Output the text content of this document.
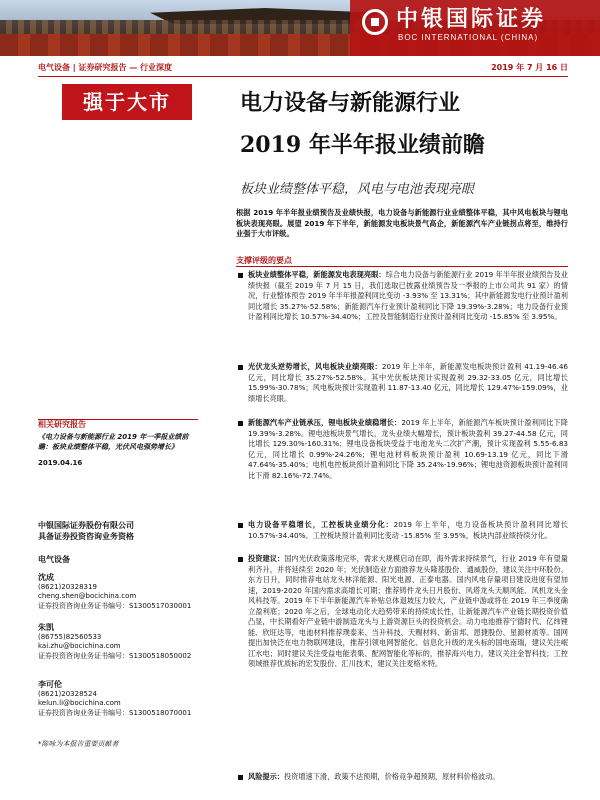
中银国际证券
BOC INTERNATIONAL (CHINA)
电气设备 | 证券研究报告 — 行业深度	2019 年 7 月 16 日
强于大市	电力设备与新能源行业
2019 年半年报业绩前瞻
板块业绩整体平稳，风电与电池表现亮眼
根据 2019 年半年报业绩预告及业绩快报，电力设备与新能源行业业绩整体平稳，其中风电板块与锂电板块表现亮眼。展望 2019 年下半年，新能源发电板块景气高企，新能源汽车产业链拐点将至，维持行业强于大市评级。
支撑评级的要点
板块业绩整体平稳，新能源发电表现亮眼：综合电力设备与新能源行业 2019 年半年报业绩预告及业绩快报（截至 2019 年 7 月 15 日，我们选取已披露业绩预告及一季报的上市公司共 91 家）的情况，行业整体预告 2019 年半年报盈利同比变动 -3.93% 至 13.31%；其中新能源发电行业预计盈利同比增长 35.27%-52.58%；新能源汽车行业预计盈利同比下降 19.39%-3.28%；电力设备行业预计盈利同比增长 10.57%-34.40%；工控及智能制造行业预计盈利同比变动 -15.85% 至 3.95%。
光伏龙头逆势增长，风电板块业绩亮眼：2019 年上半年，新能源发电板块预计盈利 41.19-46.46 亿元，同比增长 35.27%-52.58%。其中光伏板块预计实现盈利 29.32-33.05 亿元，同比增长 15.99%-30.78%；风电板块预计实现盈利 11.87-13.40 亿元，同比增长 129.47%-159.09%，业绩增长亮眼。
新能源汽车产业链承压，锂电板块业绩稳增长：2019 年上半年，新能源汽车板块预计盈利同比下降 19.39%-3.28%。锂电池板块景气增长，龙头业绩大幅增长，预计板块盈利 39.27-44.58 亿元，同比增长 129.30%-160.31%；锂电设备板块受益于电池龙头二次扩产潮，预计实现盈利 5.55-6.83 亿元，同比增长 0.99%-24.26%；锂电池材料板块预计盈利 10.69-13.19 亿元，同比下滑 47.64%-35.40%；电机电控板块预计盈利同比下降 35.24%-19.96%；锂电池资源板块预计盈利同比下滑 82.16%-72.74%。
电力设备平稳增长，工控板块业绩分化：2019 年上半年，电力设备板块预计盈利同比增长 10.57%-34.40%。工控板块预计盈利同比变动 -15.85% 至 3.95%，板块内部业绩持续分化。
投资建议：国内光伏政策落地完毕，需求大规模启动在即，海外需求持续景气，行业 2019 年有望量利齐升，并将延续至 2020 年；光伏制造业方面推荐龙头隆基股份、通威股份，建议关注中环股份、东方日升，同时推荐电站龙头林洋能源、阳光电源、正泰电器。国内风电存量项目建设进度有望加速，2019-2020 年国内需求高增长可期；推荐铸件龙头日月股份、风塔龙头天顺风能、风机龙头金风科技等。2019 年下半年新能源汽车补贴总体退坡压力较大，产业链中游或将在 2019 年三季度确立盈利底；2020 年之后，全球电动化大趋势带来的持续成长性，让新能源汽车产业链长期投资价值凸显，中长期看好产业链中游制造龙头与上游资源巨头的投资机会。动力电池推荐宁德时代、亿纬锂能、欣旺达等，电池材料推荐璞泰来、当升科技、天赐材料、新宙邦、恩捷股份、星源材质等。国网提出加快泛在电力物联网建设，推荐引领电网智能化、信息化升级的龙头标的国电南瑞，建议关注岷江水电；同时建议关注受益电能表集、配网智能化等标的，推荐海兴电力，建议关注金智科技；工控领域推荐优质标的宏发股份、汇川技术，建议关注麦格米特。
风险提示：投资增速下滑，政策不达预期，价格竞争超预期，原材料价格波动。
相关研究报告
《电力设备与新能源行业 2019 年一季报业绩前瞻：板块业绩整体平稳，光伏风电强势增长》
2019.04.16
中银国际证券股份有限公司
具备证券投资咨询业务资格
电气设备
沈成
(8621)20328319
cheng.shen@bocichina.com
证券投资咨询业务证书编号：S1300517030001
朱凯
(86755)82560533
kai.zhu@bocichina.com
证券投资咨询业务证书编号：S1300518050002
李可伦
(8621)20328524
kelun.li@bocichina.com
证券投资咨询业务证书编号：S1300518070001
*陈咏为本报告重要贡献者
